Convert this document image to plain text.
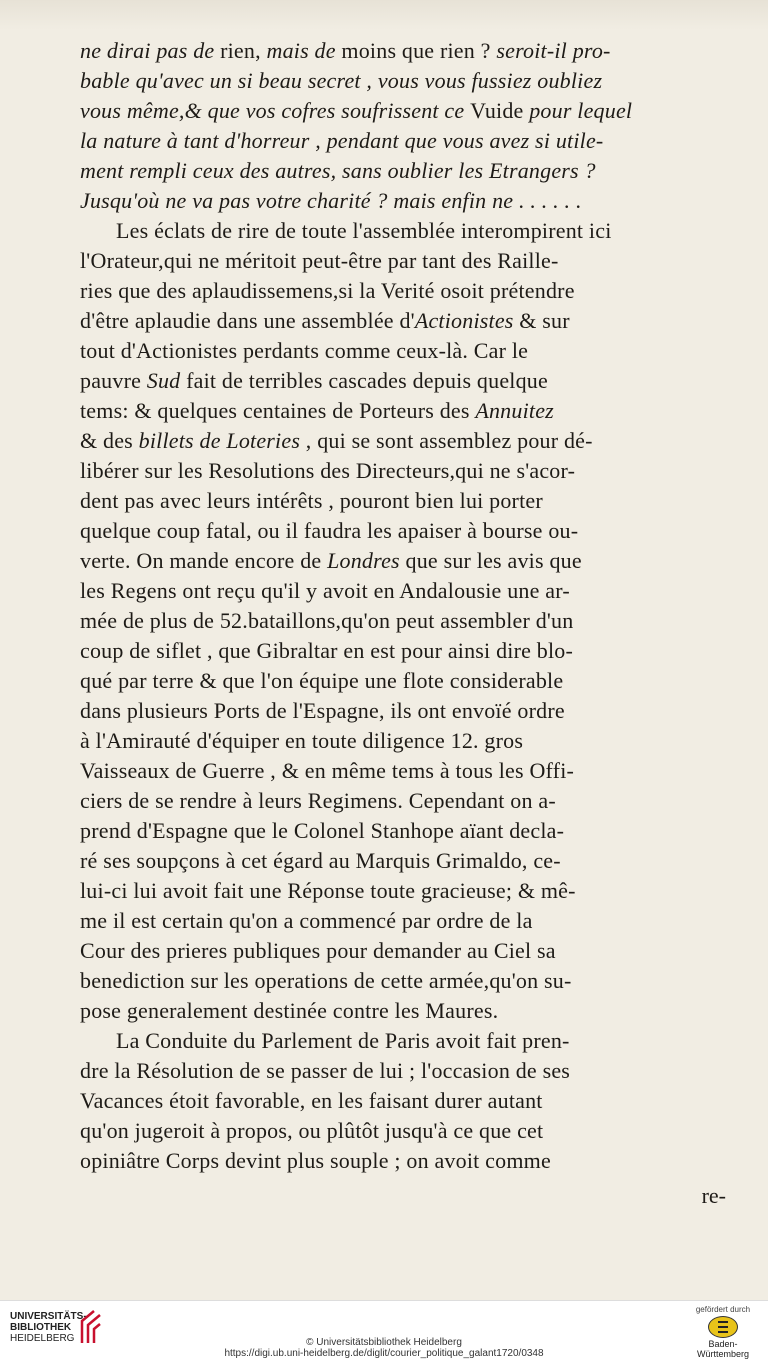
ne dirai pas de rien, mais de moins que rien ? seroit-il pro-
bable qu'avec un si beau secret , vous vous fussiez oubliez
vous même,& que vos cofres soufrissent ce Vuide pour lequel
la nature à tant d'horreur , pendant que vous avez si utile-
ment rempli ceux des autres, sans oublier les Etrangers ?
Jusqu'où ne va pas votre charité ? mais enfin ne . . . . . .
Les éclats de rire de toute l'assemblée interompirent ici
l'Orateur,qui ne méritoit peut-être par tant des Raille-
ries que des aplaudissemens,si la Verité osoit prétendre
d'être aplaudie dans une assemblée d'Actionistes & sur
tout d'Actionistes perdants comme ceux-là. Car le
pauvre Sud fait de terribles cascades depuis quelque
tems: & quelques centaines de Porteurs des Annuitez
& des billets de Loteries , qui se sont assemblez pour dé-
libérer sur les Resolutions des Directeurs,qui ne s'acor-
dent pas avec leurs intérêts , pouront bien lui porter
quelque coup fatal, ou il faudra les apaiser à bourse ou-
verte. On mande encore de Londres que sur les avis que
les Regens ont reçu qu'il y avoit en Andalousie une ar-
mée de plus de 52.bataillons,qu'on peut assembler d'un
coup de siflet , que Gibraltar en est pour ainsi dire blo-
qué par terre & que l'on équipe une flote considerable
dans plusieurs Ports de l'Espagne, ils ont envoïé ordre
à l'Amirauté d'équiper en toute diligence 12. gros
Vaisseaux de Guerre , & en même tems à tous les Offi-
ciers de se rendre à leurs Regimens. Cependant on a-
prend d'Espagne que le Colonel Stanhope aïant decla-
ré ses soupçons à cet égard au Marquis Grimaldo, ce-
lui-ci lui avoit fait une Réponse toute gracieuse; & mê-
me il est certain qu'on a commencé par ordre de la
Cour des prieres publiques pour demander au Ciel sa
benediction sur les operations de cette armée,qu'on su-
pose generalement destinée contre les Maures.
La Conduite du Parlement de Paris avoit fait pren-
dre la Résolution de se passer de lui ; l'occasion de ses
Vacances étoit favorable, en les faisant durer autant
qu'on jugeroit à propos, ou plûtôt jusqu'à ce que cet
opiniâtre Corps devint plus souple ; on avoit comme
re-
UNIVERSITÄTS-
BIBLIOTHEK
HEIDELBERG	© Universitätsbibliothek Heidelberg
https://digi.ub.uni-heidelberg.de/diglit/courier_politique_galant1720/0348
gefördert durch
Baden-Württemberg
